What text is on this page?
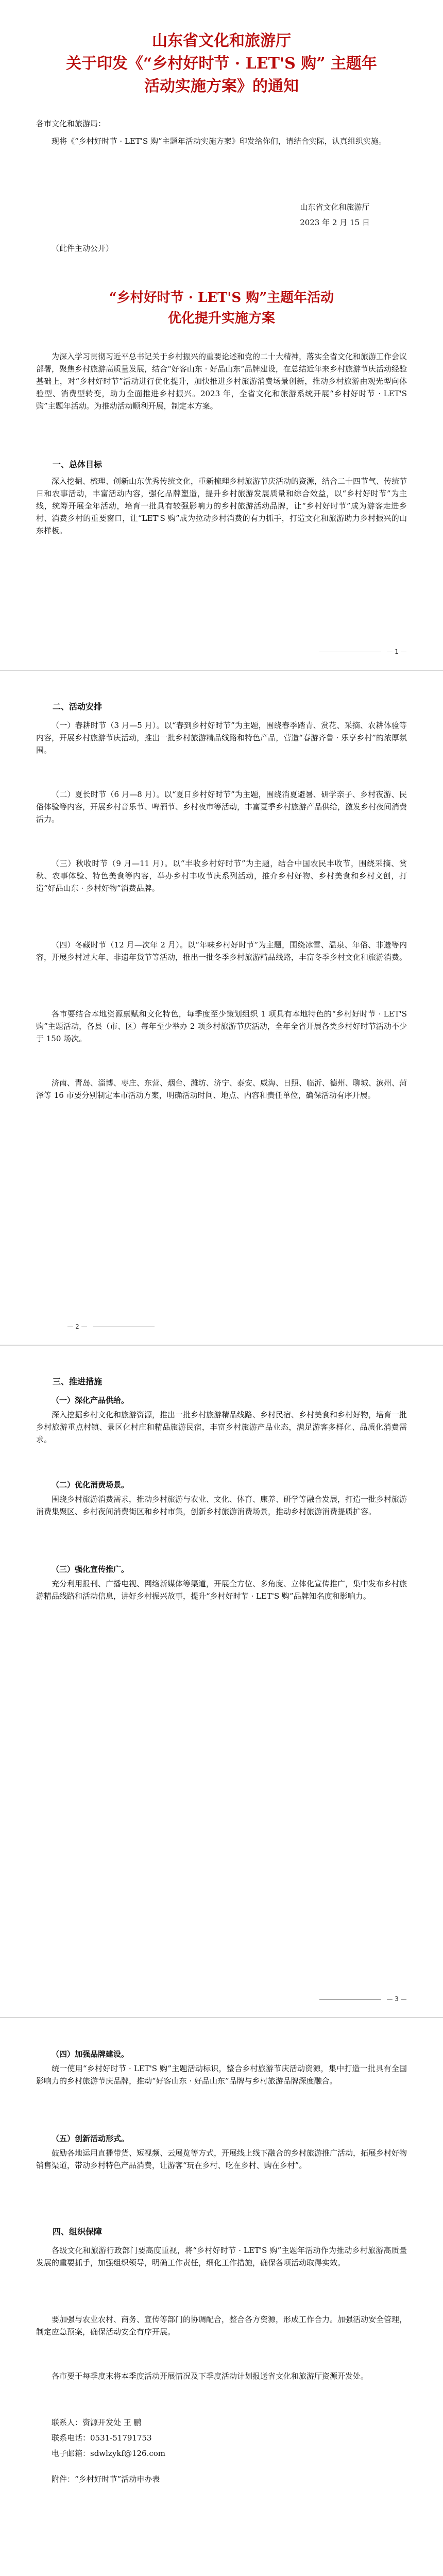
山东省文化和旅游厅
关于印发《“乡村好时节 · LET'S 购” 主题年
活动实施方案》的通知
各市文化和旅游局：
现将《“乡村好时节 · LET'S 购”主题年活动实施方案》印发给你们，请结合实际，认真组织实施。
山东省文化和旅游厅
2023 年 2 月 15 日
（此件主动公开）
“乡村好时节 · LET'S 购”主题年活动
优化提升实施方案
为深入学习贯彻习近平总书记关于乡村振兴的重要论述和党的二十大精神，落实全省文化和旅游工作会议部署，聚焦乡村旅游高质量发展，结合“好客山东 · 好品山东”品牌建设，在总结近年来乡村旅游节庆活动经验基础上，对“乡村好时节”活动进行优化提升，加快推进乡村旅游消费场景创新，推动乡村旅游由观光型向体验型、消费型转变，助力全面推进乡村振兴。2023 年，全省文化和旅游系统开展“乡村好时节 · LET'S 购”主题年活动。为推动活动顺利开展，制定本方案。
一、总体目标
深入挖掘、梳理、创新山东优秀传统文化，重新梳理乡村旅游节庆活动的资源，结合二十四节气、传统节日和农事活动，丰富活动内容，强化品牌塑造，提升乡村旅游发展质量和综合效益，以“乡村好时节”为主线，统筹开展全年活动，培育一批具有较强影响力的乡村旅游活动品牌，让“乡村好时节”成为游客走进乡村、消费乡村的重要窗口，让“LET'S 购”成为拉动乡村消费的有力抓手，打造文化和旅游助力乡村振兴的山东样板。
— 1 —
二、活动安排
（一）春耕时节（3 月—5 月）。以“春到乡村好时节”为主题，围绕春季踏青、赏花、采摘、农耕体验等内容，开展乡村旅游节庆活动，推出一批乡村旅游精品线路和特色产品，营造“春游齐鲁 · 乐享乡村”的浓厚氛围。
（二）夏长时节（6 月—8 月）。以“夏日乡村好时节”为主题，围绕消夏避暑、研学亲子、乡村夜游、民俗体验等内容，开展乡村音乐节、啤酒节、乡村夜市等活动，丰富夏季乡村旅游产品供给，激发乡村夜间消费活力。
（三）秋收时节（9 月—11 月）。以“丰收乡村好时节”为主题，结合中国农民丰收节，围绕采摘、赏秋、农事体验、特色美食等内容，举办乡村丰收节庆系列活动，推介乡村好物、乡村美食和乡村文创，打造“好品山东 · 乡村好物”消费品牌。
（四）冬藏时节（12 月—次年 2 月）。以“年味乡村好时节”为主题，围绕冰雪、温泉、年俗、非遗等内容，开展乡村过大年、非遗年货节等活动，推出一批冬季乡村旅游精品线路，丰富冬季乡村文化和旅游消费。
各市要结合本地资源禀赋和文化特色，每季度至少策划组织 1 项具有本地特色的“乡村好时节 · LET'S 购”主题活动，各县（市、区）每年至少举办 2 项乡村旅游节庆活动，全年全省开展各类乡村好时节活动不少于 150 场次。
济南、青岛、淄博、枣庄、东营、烟台、潍坊、济宁、泰安、威海、日照、临沂、德州、聊城、滨州、菏泽等 16 市要分别制定本市活动方案，明确活动时间、地点、内容和责任单位，确保活动有序开展。
— 2 —
三、推进措施
（一）深化产品供给。
深入挖掘乡村文化和旅游资源，推出一批乡村旅游精品线路、乡村民宿、乡村美食和乡村好物，培育一批乡村旅游重点村镇、景区化村庄和精品旅游民宿，丰富乡村旅游产品业态，满足游客多样化、品质化消费需求。
（二）优化消费场景。
围绕乡村旅游消费需求，推动乡村旅游与农业、文化、体育、康养、研学等融合发展，打造一批乡村旅游消费集聚区、乡村夜间消费街区和乡村市集，创新乡村旅游消费场景，推动乡村旅游消费提质扩容。
（三）强化宣传推广。
充分利用报刊、广播电视、网络新媒体等渠道，开展全方位、多角度、立体化宣传推广，集中发布乡村旅游精品线路和活动信息，讲好乡村振兴故事，提升“乡村好时节 · LET'S 购”品牌知名度和影响力。
— 3 —
（四）加强品牌建设。
统一使用“乡村好时节 · LET'S 购”主题活动标识，整合乡村旅游节庆活动资源，集中打造一批具有全国影响力的乡村旅游节庆品牌，推动“好客山东 · 好品山东”品牌与乡村旅游品牌深度融合。
（五）创新活动形式。
鼓励各地运用直播带货、短视频、云展览等方式，开展线上线下融合的乡村旅游推广活动，拓展乡村好物销售渠道，带动乡村特色产品消费，让游客“玩在乡村、吃在乡村、购在乡村”。
四、组织保障
各级文化和旅游行政部门要高度重视，将“乡村好时节 · LET'S 购”主题年活动作为推动乡村旅游高质量发展的重要抓手，加强组织领导，明确工作责任，细化工作措施，确保各项活动取得实效。
要加强与农业农村、商务、宣传等部门的协调配合，整合各方资源，形成工作合力。加强活动安全管理，制定应急预案，确保活动安全有序开展。
各市要于每季度末将本季度活动开展情况及下季度活动计划报送省文化和旅游厅资源开发处。
联系人：资源开发处 王 鹏
联系电话：0531-51791753
电子邮箱：sdwlzykf@126.com
附件：“乡村好时节”活动申办表
